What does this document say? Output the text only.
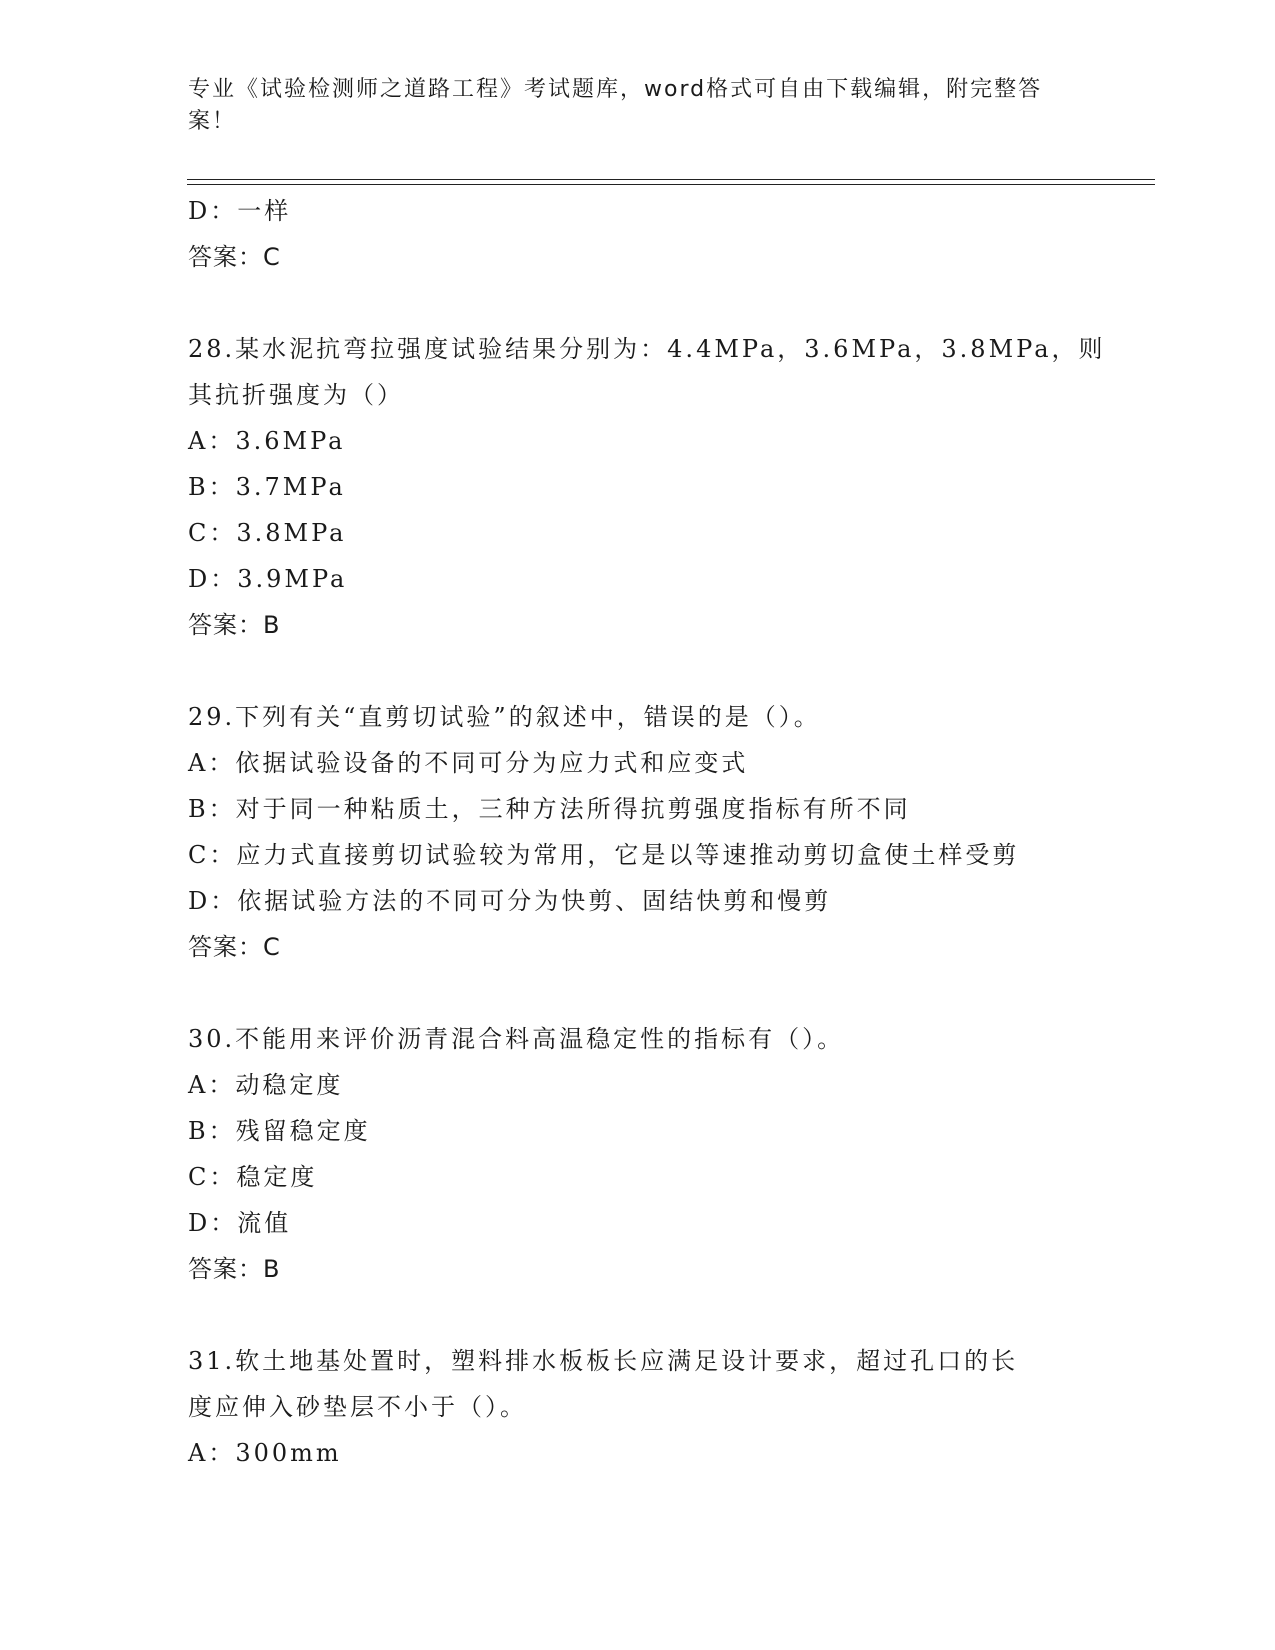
专业《试验检测师之道路工程》考试题库，word格式可自由下载编辑，附完整答
案！
D：一样
答案：C
28.某水泥抗弯拉强度试验结果分别为：4.4MPa，3.6MPa，3.8MPa，则
其抗折强度为（）
A：3.6MPa
B：3.7MPa
C：3.8MPa
D：3.9MPa
答案：B
29.下列有关“直剪切试验”的叙述中，错误的是（）。
A：依据试验设备的不同可分为应力式和应变式
B：对于同一种粘质土，三种方法所得抗剪强度指标有所不同
C：应力式直接剪切试验较为常用，它是以等速推动剪切盒使土样受剪
D：依据试验方法的不同可分为快剪、固结快剪和慢剪
答案：C
30.不能用来评价沥青混合料高温稳定性的指标有（）。
A：动稳定度
B：残留稳定度
C：稳定度
D：流值
答案：B
31.软土地基处置时，塑料排水板板长应满足设计要求，超过孔口的长
度应伸入砂垫层不小于（）。
A：300mm
